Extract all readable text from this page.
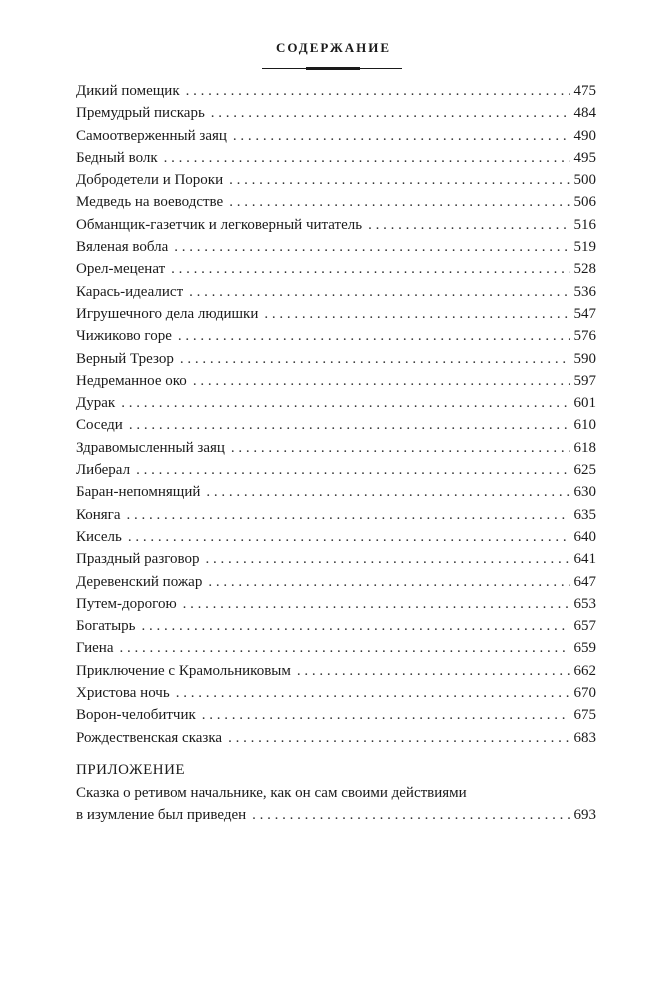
СОДЕРЖАНИЕ
Дикий помещик . . .	475
Премудрый пискарь . . .	484
Самоотверженный заяц . . .	490
Бедный волк . . .	495
Добродетели и Пороки . . .	500
Медведь на воеводстве . . .	506
Обманщик-газетчик и легковерный читатель . . .	516
Вяленая вобла . . .	519
Орел-меценат . . .	528
Карась-идеалист . . .	536
Игрушечного дела людишки . . .	547
Чижиково горе . . .	576
Верный Трезор . . .	590
Недреманное око . . .	597
Дурак . . .	601
Соседи . . .	610
Здравомысленный заяц . . .	618
Либерал . . .	625
Баран-непомнящий . . .	630
Коняга . . .	635
Кисель . . .	640
Праздный разговор . . .	641
Деревенский пожар . . .	647
Путем-дорогою . . .	653
Богатырь . . .	657
Гиена . . .	659
Приключение с Крамольниковым . . .	662
Христова ночь . . .	670
Ворон-челобитчик . . .	675
Рождественская сказка . . .	683
ПРИЛОЖЕНИЕ
Сказка о ретивом начальнике, как он сам своими действиями
в изумление был приведен . . .	693
